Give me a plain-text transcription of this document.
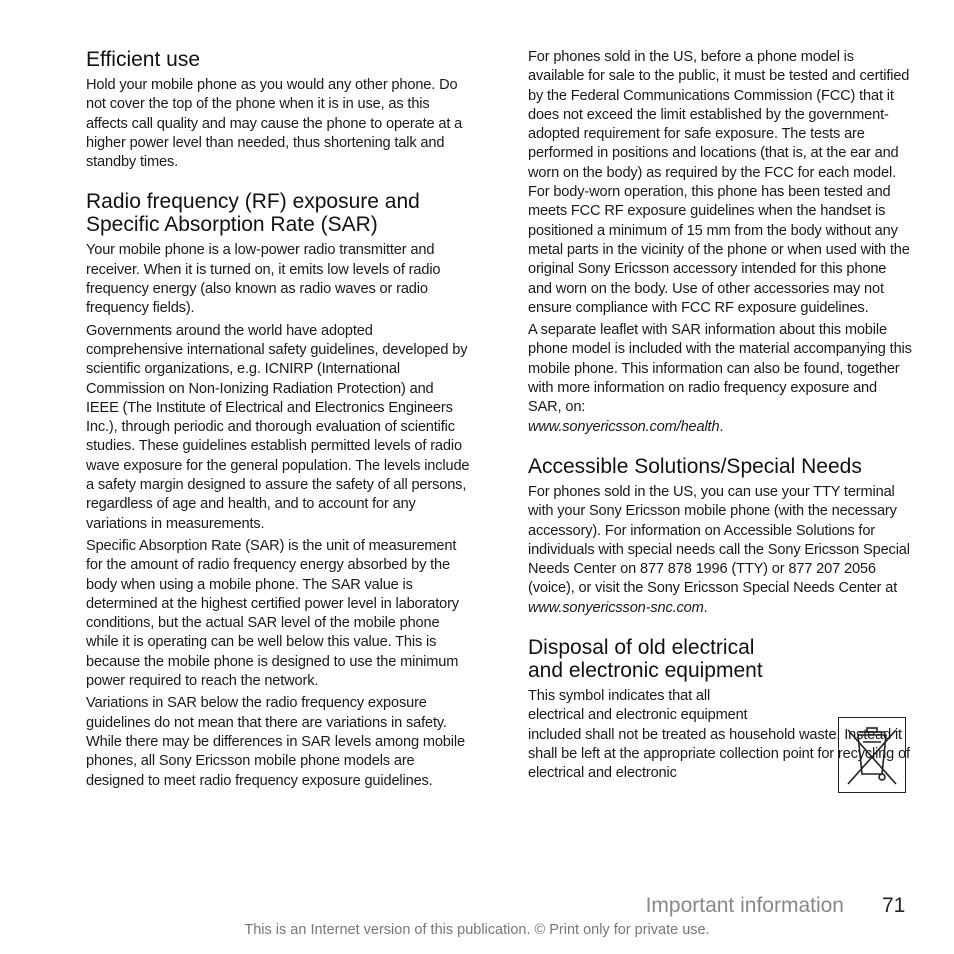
Efficient use

Hold your mobile phone as you would any other phone. Do not cover the top of the phone when it is in use, as this affects call quality and may cause the phone to operate at a higher power level than needed, thus shortening talk and standby times.

Radio frequency (RF) exposure and Specific Absorption Rate (SAR)

Your mobile phone is a low-power radio transmitter and receiver. When it is turned on, it emits low levels of radio frequency energy (also known as radio waves or radio frequency fields).

Governments around the world have adopted comprehensive international safety guidelines, developed by scientific organizations, e.g. ICNIRP (International Commission on Non-Ionizing Radiation Protection) and IEEE (The Institute of Electrical and Electronics Engineers Inc.), through periodic and thorough evaluation of scientific studies. These guidelines establish permitted levels of radio wave exposure for the general population. The levels include a safety margin designed to assure the safety of all persons, regardless of age and health, and to account for any variations in measurements.

Specific Absorption Rate (SAR) is the unit of measurement for the amount of radio frequency energy absorbed by the body when using a mobile phone. The SAR value is determined at the highest certified power level in laboratory conditions, but the actual SAR level of the mobile phone while it is operating can be well below this value. This is because the mobile phone is designed to use the minimum power required to reach the network.

Variations in SAR below the radio frequency exposure guidelines do not mean that there are variations in safety. While there may be differences in SAR levels among mobile phones, all Sony Ericsson mobile phone models are designed to meet radio frequency exposure guidelines.

For phones sold in the US, before a phone model is available for sale to the public, it must be tested and certified by the Federal Communications Commission (FCC) that it does not exceed the limit established by the government-adopted requirement for safe exposure. The tests are performed in positions and locations (that is, at the ear and worn on the body) as required by the FCC for each model. For body-worn operation, this phone has been tested and meets FCC RF exposure guidelines when the handset is positioned a minimum of 15 mm from the body without any metal parts in the vicinity of the phone or when used with the original Sony Ericsson accessory intended for this phone and worn on the body. Use of other accessories may not ensure compliance with FCC RF exposure guidelines.

A separate leaflet with SAR information about this mobile phone model is included with the material accompanying this mobile phone. This information can also be found, together with more information on radio frequency exposure and SAR, on:
www.sonyericsson.com/health.

Accessible Solutions/Special Needs

For phones sold in the US, you can use your TTY terminal with your Sony Ericsson mobile phone (with the necessary accessory). For information on Accessible Solutions for individuals with special needs call the Sony Ericsson Special Needs Center on 877 878 1996 (TTY) or 877 207 2056 (voice), or visit the Sony Ericsson Special Needs Center at
www.sonyericsson-snc.com.

Disposal of old electrical
and electronic equipment

This symbol indicates that all
electrical and electronic equipment
included shall not be treated as household waste. Instead it shall be left at the appropriate collection point for recycling of electrical and electronic

Important information 71
This is an Internet version of this publication. © Print only for private use.
